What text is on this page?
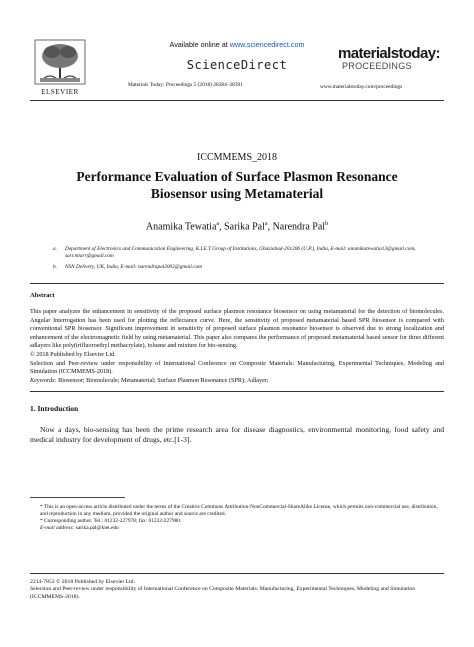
ELSEVIER
Available online at www.sciencedirect.com
ScienceDirect
Materials Today: Proceedings 5 (2018) 28384–28391
materialstoday:
PROCEEDINGS
www.materialstoday.com/proceedings
ICCMMEMS_2018
Performance Evaluation of Surface Plasmon Resonance
Biosensor using Metamaterial
Anamika Tewatia$^a$, Sarika Pal$^a$, Narendra Pal$^b$
a. Department of Electronics and Communication Engineering, K.I.E.T Group of Institutions, Ghaziabad-201206 (U.P.), India, E-mail: anamikatewatia13@gmail.com, sarr.miarr@gmail.com
b. NSN Delivery, UK, India, E-mail: narendrapal2002@gmail.com
Abstract

This paper analyzes the enhancement in sensitivity of the proposed surface plasmon resonance biosensor on using metamaterial for the detection of biomolecules. Angular Interrogation has been used for plotting the reflectance curve. Here, the sensitivity of proposed metamaterial based SPR biosensor is compared with conventional SPR biosensor. Significant improvement in sensitivity of proposed surface plasmon resonance biosensor is observed due to strong localization and enhancement of the electromagnetic field by using metamaterial. This paper also compares the performance of proposed metamaterial based sensor for three different adlayers like poly(trifluoroethyl methacrylate), toluene and mixture for bio-sensing.

© 2018 Published by Elsevier Ltd.

Selection and Peer-review under responsibility of International Conference on Composite Materials: Manufacturing, Experimental Techniques, Modeling and Simulation (ICCMMEMS-2018).

Keywords: Biosensor; Biomolecule; Metamaterial; Surface Plasmon Resonance (SPR); Adlayer;
1. Introduction
Now a days, bio-sensing has been the prime research area for disease diagnostics, environmental monitoring, food safety and medical industry for development of drugs, etc.[1-3].

* This is an open-access article distributed under the terms of the Creative Commons Attribution-NonCommercial-ShareAlike License, which permits non-commercial use, distribution, and reproduction in any medium, provided the original author and source are credited.

* Corresponding author. Tel.: 01232-227978; fax: 01232-227980.

E-mail address: sarika.pal@kiet.edu

2214-7853 © 2018 Published by Elsevier Ltd.

Selection and Peer-review under responsibility of International Conference on Composite Materials: Manufacturing, Experimental Techniques, Modeling and Simulation (ICCMMEMS-2018).
